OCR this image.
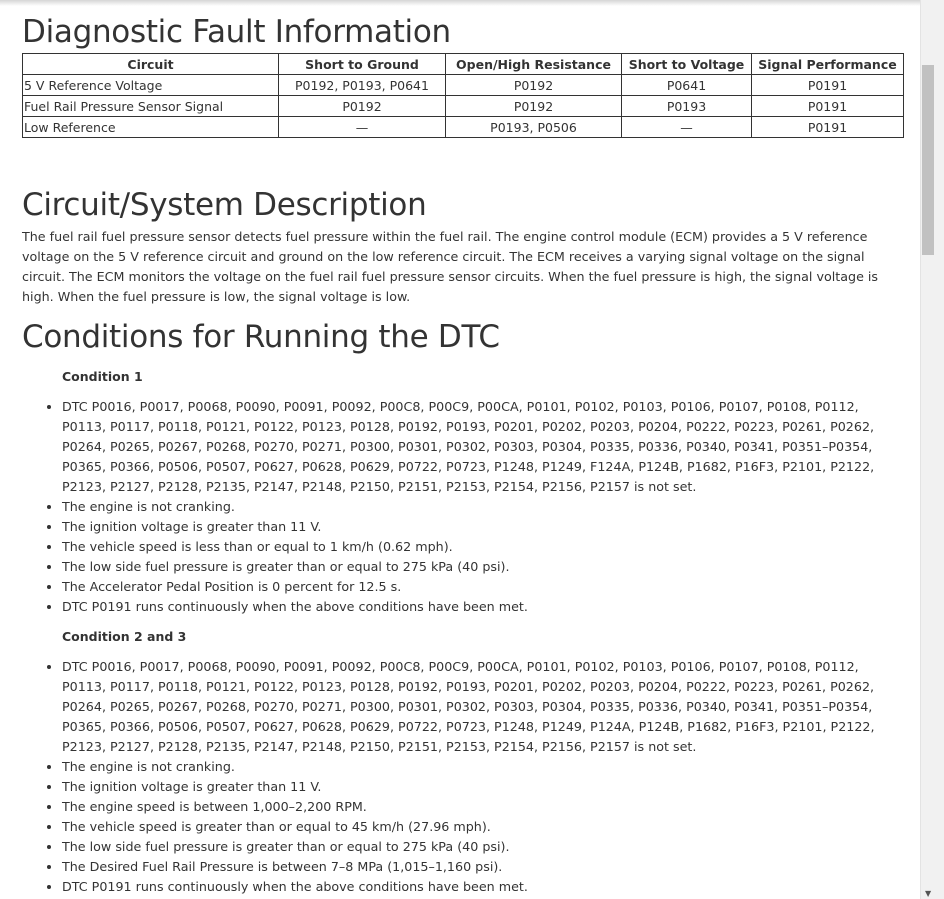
Diagnostic Fault Information
Circuit	Short to Ground	Open/High Resistance	Short to Voltage	Signal Performance
5 V Reference Voltage	P0192, P0193, P0641	P0192	P0641	P0191
Fuel Rail Pressure Sensor Signal	P0192	P0192	P0193	P0191
Low Reference	—	P0193, P0506	—	P0191
Circuit/System Description

The fuel rail fuel pressure sensor detects fuel pressure within the fuel rail. The engine control module (ECM) provides a 5 V reference voltage on the 5 V reference circuit and ground on the low reference circuit. The ECM receives a varying signal voltage on the signal circuit. The ECM monitors the voltage on the fuel rail fuel pressure sensor circuits. When the fuel pressure is high, the signal voltage is high. When the fuel pressure is low, the signal voltage is low.

Conditions for Running the DTC
Condition 1
• DTC P0016, P0017, P0068, P0090, P0091, P0092, P00C8, P00C9, P00CA, P0101, P0102, P0103, P0106, P0107, P0108, P0112, P0113, P0117, P0118, P0121, P0122, P0123, P0128, P0192, P0193, P0201, P0202, P0203, P0204, P0222, P0223, P0261, P0262, P0264, P0265, P0267, P0268, P0270, P0271, P0300, P0301, P0302, P0303, P0304, P0335, P0336, P0340, P0341, P0351–P0354, P0365, P0366, P0506, P0507, P0627, P0628, P0629, P0722, P0723, P1248, P1249, F124A, P124B, P1682, P16F3, P2101, P2122, P2123, P2127, P2128, P2135, P2147, P2148, P2150, P2151, P2153, P2154, P2156, P2157 is not set.
• The engine is not cranking.
• The ignition voltage is greater than 11 V.
• The vehicle speed is less than or equal to 1 km/h (0.62 mph).
• The low side fuel pressure is greater than or equal to 275 kPa (40 psi).
• The Accelerator Pedal Position is 0 percent for 12.5 s.
• DTC P0191 runs continuously when the above conditions have been met.
Condition 2 and 3
• DTC P0016, P0017, P0068, P0090, P0091, P0092, P00C8, P00C9, P00CA, P0101, P0102, P0103, P0106, P0107, P0108, P0112, P0113, P0117, P0118, P0121, P0122, P0123, P0128, P0192, P0193, P0201, P0202, P0203, P0204, P0222, P0223, P0261, P0262, P0264, P0265, P0267, P0268, P0270, P0271, P0300, P0301, P0302, P0303, P0304, P0335, P0336, P0340, P0341, P0351–P0354, P0365, P0366, P0506, P0507, P0627, P0628, P0629, P0722, P0723, P1248, P1249, P124A, P124B, P1682, P16F3, P2101, P2122, P2123, P2127, P2128, P2135, P2147, P2148, P2150, P2151, P2153, P2154, P2156, P2157 is not set.
• The engine is not cranking.
• The ignition voltage is greater than 11 V.
• The engine speed is between 1,000–2,200 RPM.
• The vehicle speed is greater than or equal to 45 km/h (27.96 mph).
• The low side fuel pressure is greater than or equal to 275 kPa (40 psi).
• The Desired Fuel Rail Pressure is between 7–8 MPa (1,015–1,160 psi).
• DTC P0191 runs continuously when the above conditions have been met.	▼
